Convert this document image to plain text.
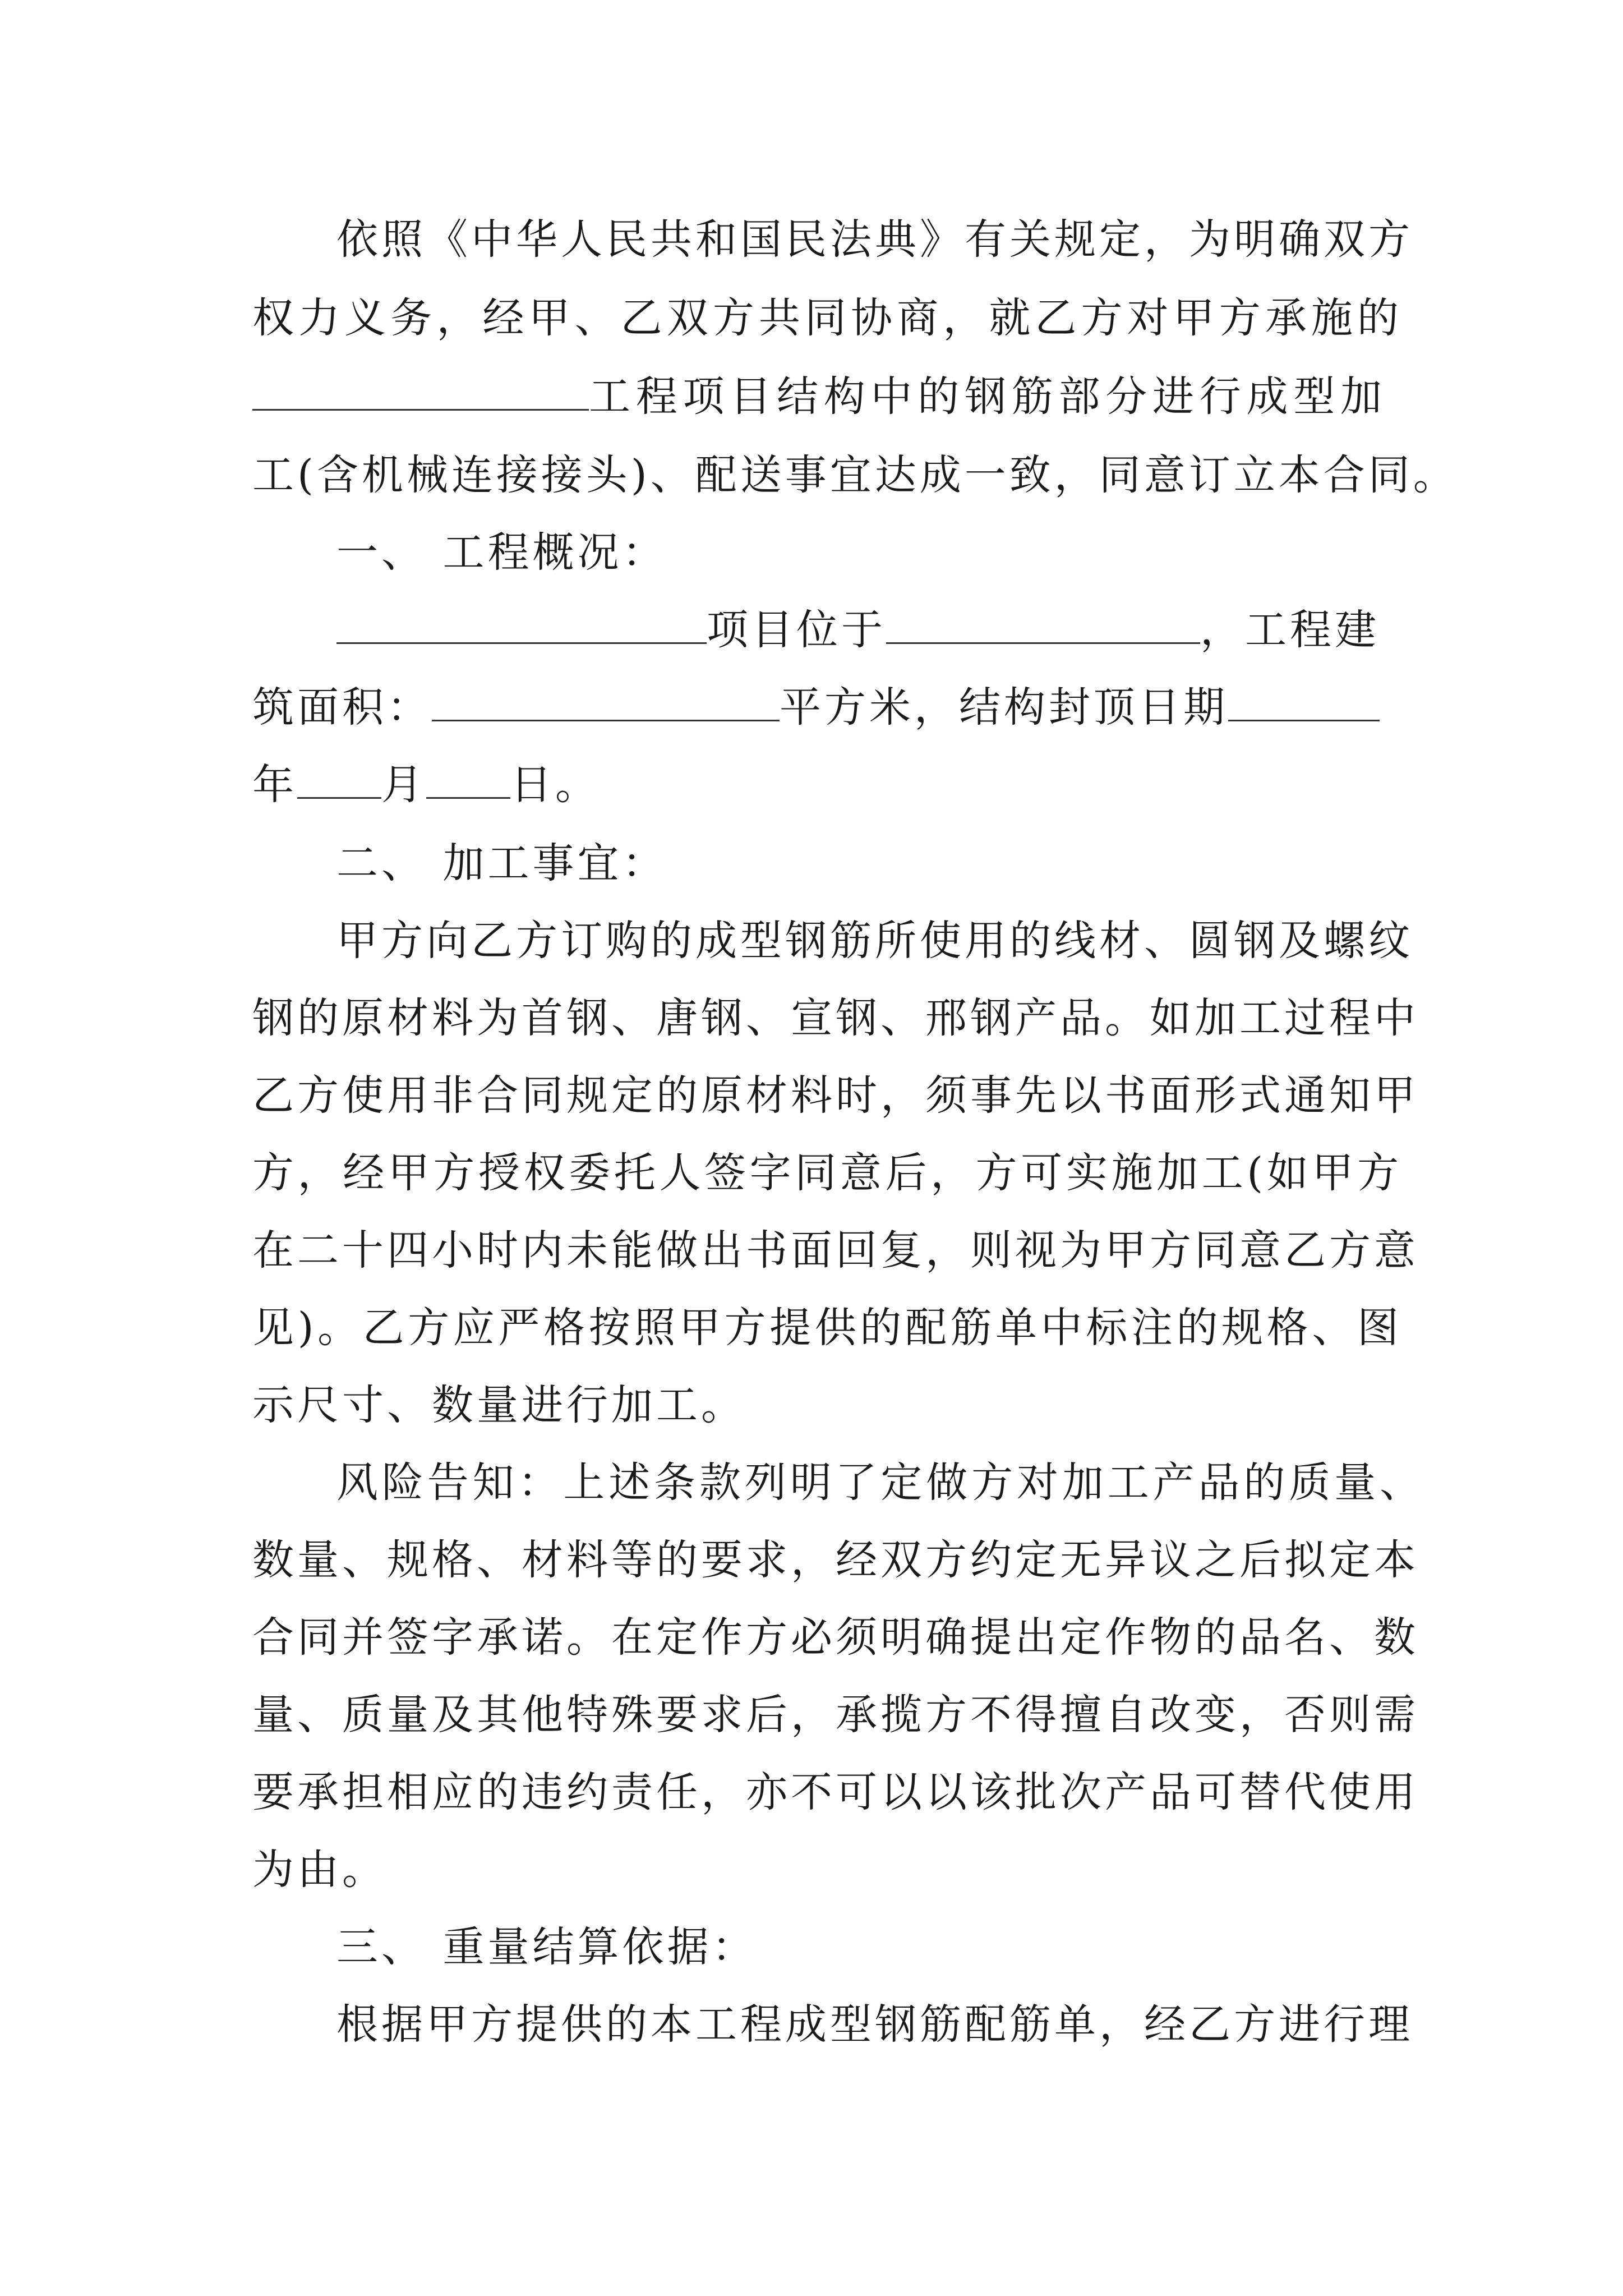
依照《中华人民共和国民法典》有关规定，为明确双方
权力义务，经甲、乙双方共同协商，就乙方对甲方承施的
工程项目结构中的钢筋部分进行成型加
工(含机械连接接头)、配送事宜达成一致，同意订立本合同。
一、 工程概况：
项目位于	，工程建
筑面积：	平方米，结构封顶日期
年 月 日。
二、 加工事宜：
甲方向乙方订购的成型钢筋所使用的线材、圆钢及螺纹
钢的原材料为首钢、唐钢、宣钢、邢钢产品。如加工过程中
乙方使用非合同规定的原材料时，须事先以书面形式通知甲
方，经甲方授权委托人签字同意后，方可实施加工(如甲方
在二十四小时内未能做出书面回复，则视为甲方同意乙方意
见)。乙方应严格按照甲方提供的配筋单中标注的规格、图
示尺寸、数量进行加工。
风险告知：上述条款列明了定做方对加工产品的质量、
数量、规格、材料等的要求，经双方约定无异议之后拟定本
合同并签字承诺。在定作方必须明确提出定作物的品名、数
量、质量及其他特殊要求后，承揽方不得擅自改变，否则需
要承担相应的违约责任，亦不可以以该批次产品可替代使用
为由。
三、 重量结算依据：
根据甲方提供的本工程成型钢筋配筋单，经乙方进行理
